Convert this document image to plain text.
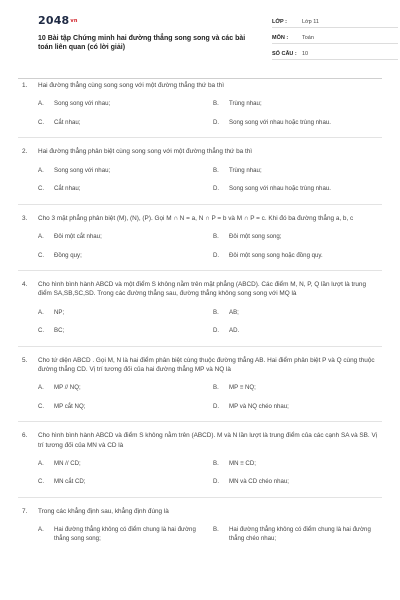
2048vn
10 Bài tập Chứng minh hai đường thẳng song song và các bài toán liên quan (có lời giải)
LỚP :	Lớp 11
MÔN :	Toán
SỐ CÂU : 10
1.	Hai đường thẳng cùng song song với một đường thẳng thứ ba thì
A.	Song song với nhau;	B.	Trùng nhau;
C.	Cắt nhau;	D.	Song song với nhau hoặc trùng nhau.
2.	Hai đường thẳng phân biệt cùng song song với một đường thẳng thứ ba thì
A.	Song song với nhau;	B.	Trùng nhau;
C.	Cắt nhau;	D.	Song song với nhau hoặc trùng nhau.
3.	Cho 3 mặt phẳng phân biệt (M), (N), (P). Gọi M ∩ N = a, N ∩ P = b và M ∩ P = c. Khi đó ba đường thẳng a, b, c
A.	Đôi một cắt nhau;	B.	Đôi một song song;
C.	Đồng quy;	D.	Đôi một song song hoặc đồng quy.
4.	Cho hình bình hành ABCD và một điểm S không nằm trên mặt phẳng (ABCD). Các điểm M, N, P, Q lần lượt là trung điểm SA,SB,SC,SD. Trong các đường thẳng sau, đường thẳng không song song với MQ là
A.	NP;	B.	AB;
C.	BC;	D.	AD.
5.	Cho tứ diện ABCD . Gọi M, N là hai điểm phân biệt cùng thuộc đường thẳng AB. Hai điểm phân biệt P và Q cùng thuộc đường thẳng CD. Vị trí tương đối của hai đường thẳng MP và NQ là
A.	MP // NQ;	B.	MP ≡ NQ;
C.	MP cắt NQ;	D.	MP và NQ chéo nhau;
6.	Cho hình bình hành ABCD và điểm S không nằm trên (ABCD). M và N lần lượt là trung điểm của các cạnh SA và SB. Vị trí tương đối của MN và CD là
A.	MN // CD;	B.	MN ≡ CD;
C.	MN cắt CD;	D.	MN và CD chéo nhau;
7.	Trong các khẳng định sau, khẳng định đúng là
A.	Hai đường thẳng không có điểm chung là hai đường thẳng song song;
B.	Hai đường thẳng không có điểm chung là hai đường thẳng chéo nhau;
